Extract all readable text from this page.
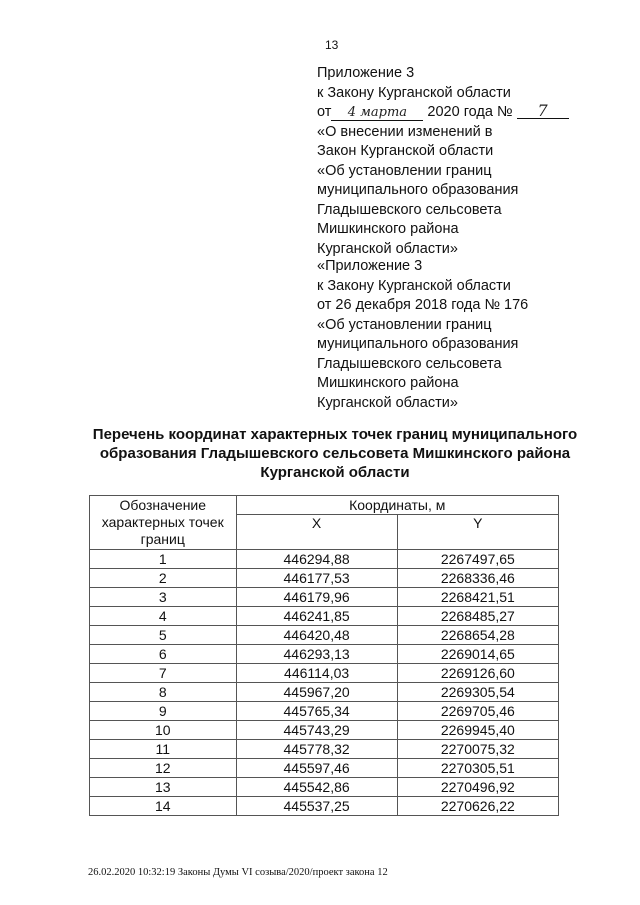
13
Приложение 3
к Закону Курганской области
от 4 марта 2020 года № 7
«О внесении изменений в
Закон Курганской области
«Об установлении границ
муниципального образования
Гладышевского сельсовета
Мишкинского района
Курганской области»
«Приложение 3
к Закону Курганской области
от 26 декабря 2018 года № 176
«Об установлении границ
муниципального образования
Гладышевского сельсовета
Мишкинского района
Курганской области»
Перечень координат характерных точек границ муниципального
образования Гладышевского сельсовета Мишкинского района
Курганской области
Обозначение характерных точек границ	Координаты, м	
	X	Y
1	446294,88	2267497,65
2	446177,53	2268336,46
3	446179,96	2268421,51
4	446241,85	2268485,27
5	446420,48	2268654,28
6	446293,13	2269014,65
7	446114,03	2269126,60
8	445967,20	2269305,54
9	445765,34	2269705,46
10	445743,29	2269945,40
11	445778,32	2270075,32
12	445597,46	2270305,51
13	445542,86	2270496,92
14	445537,25	2270626,22
26.02.2020 10:32:19 Законы Думы VI созыва/2020/проект закона 12
